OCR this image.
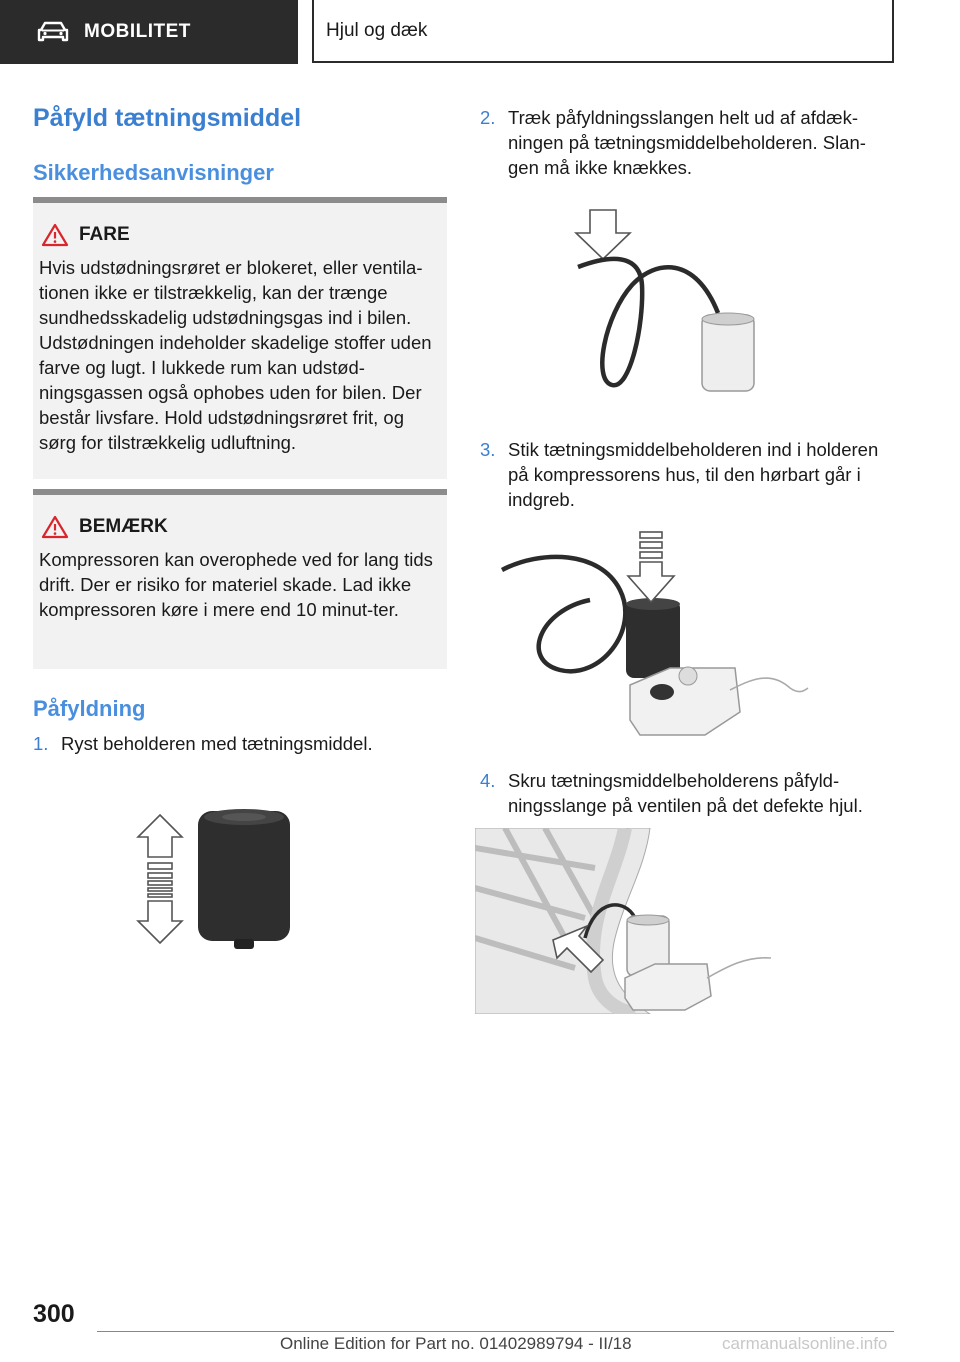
MOBILITET	Hjul og dæk
Påfyld tætningsmiddel
Sikkerhedsanvisninger
FARE
Hvis udstødningsrøret er blokeret, eller ventila-tionen ikke er tilstrækkelig, kan der trænge sundhedsskadelig udstødningsgas ind i bilen. Udstødningen indeholder skadelige stoffer uden farve og lugt. I lukkede rum kan udstød-ningsgassen også ophobes uden for bilen. Der består livsfare. Hold udstødningsrøret frit, og sørg for tilstrækkelig udluftning.
BEMÆRK
Kompressoren kan overophede ved for lang tids drift. Der er risiko for materiel skade. Lad ikke kompressoren køre i mere end 10 minut-ter.
Påfyldning
1. Ryst beholderen med tætningsmiddel.
2. Træk påfyldningsslangen helt ud af afdæk-ningen på tætningsmiddelbeholderen. Slan-gen må ikke knækkes.
3. Stik tætningsmiddelbeholderen ind i holderen på kompressorens hus, til den hørbart går i indgreb.
4. Skru tætningsmiddelbeholderens påfyld-ningsslange på ventilen på det defekte hjul.
300
Online Edition for Part no. 01402989794 - II/18	carmanualsonline.info
